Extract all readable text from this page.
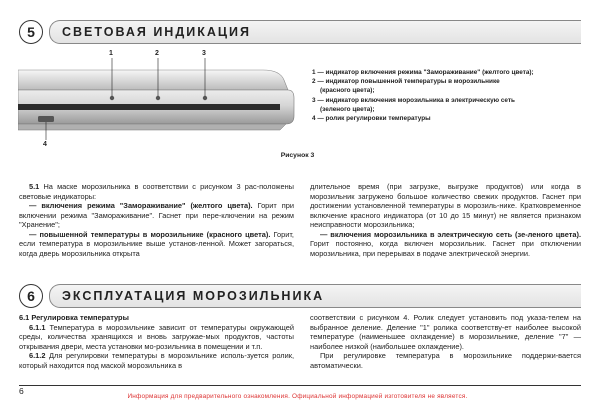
5	СВЕТОВАЯ ИНДИКАЦИЯ
1	2	3
4
1 — индикатор включения режима "Замораживание" (желтого цвета);
2 — индикатор повышенной температуры в морозильнике
(красного цвета);
3 — индикатор включения морозильника в электрическую сеть
(зеленого цвета);
4 — ролик регулировки температуры
Рисунок 3

5.1 На маске морозильника в соответствии с рисунком 3 рас-положены световые индикаторы:

— включения режима "Замораживание" (желтого цвета). Горит при включении режима "Замораживание". Гаснет при пере-ключении на режим "Хранение";

— повышенной температуры в морозильнике (красного цвета). Горит, если температура в морозильнике выше установ-ленной. Может загораться, когда дверь морозильника открыта

длительное время (при загрузке, выгрузке продуктов) или когда в морозильник загружено большое количество свежих продуктов. Гаснет при достижении установленной температуры в морозиль-нике. Кратковременное включение красного индикатора (от 10 до 15 минут) не является признаком неисправности морозильника;

— включения морозильника в электрическую сеть (зе-леного цвета). Горит постоянно, когда включен морозильник. Гаснет при отключении морозильника, при перерывах в подаче электрической энергии.

6	ЭКСПЛУАТАЦИЯ МОРОЗИЛЬНИКА

6.1 Регулировка температуры

6.1.1 Температура в морозильнике зависит от температуры окружающей среды, количества хранящихся и вновь загружае-мых продуктов, частоты открывания двери, места установки мо-розильника в помещении и т.п.

6.1.2 Для регулировки температуры в морозильнике исполь-зуется ролик, который находится под маской морозильника в

соответствии с рисунком 4. Ролик следует установить под указа-телем на выбранное деление. Деление "1" ролика соответству-ет наиболее высокой температуре (наименьшее охлаждение) в морозильнике, деление "7" — наиболее низкой (наибольшее охлаждение).

При регулировке температура в морозильнике поддержи-вается автоматически.

6
Информация для предварительного ознакомления. Официальной информацией изготовителя не является.
